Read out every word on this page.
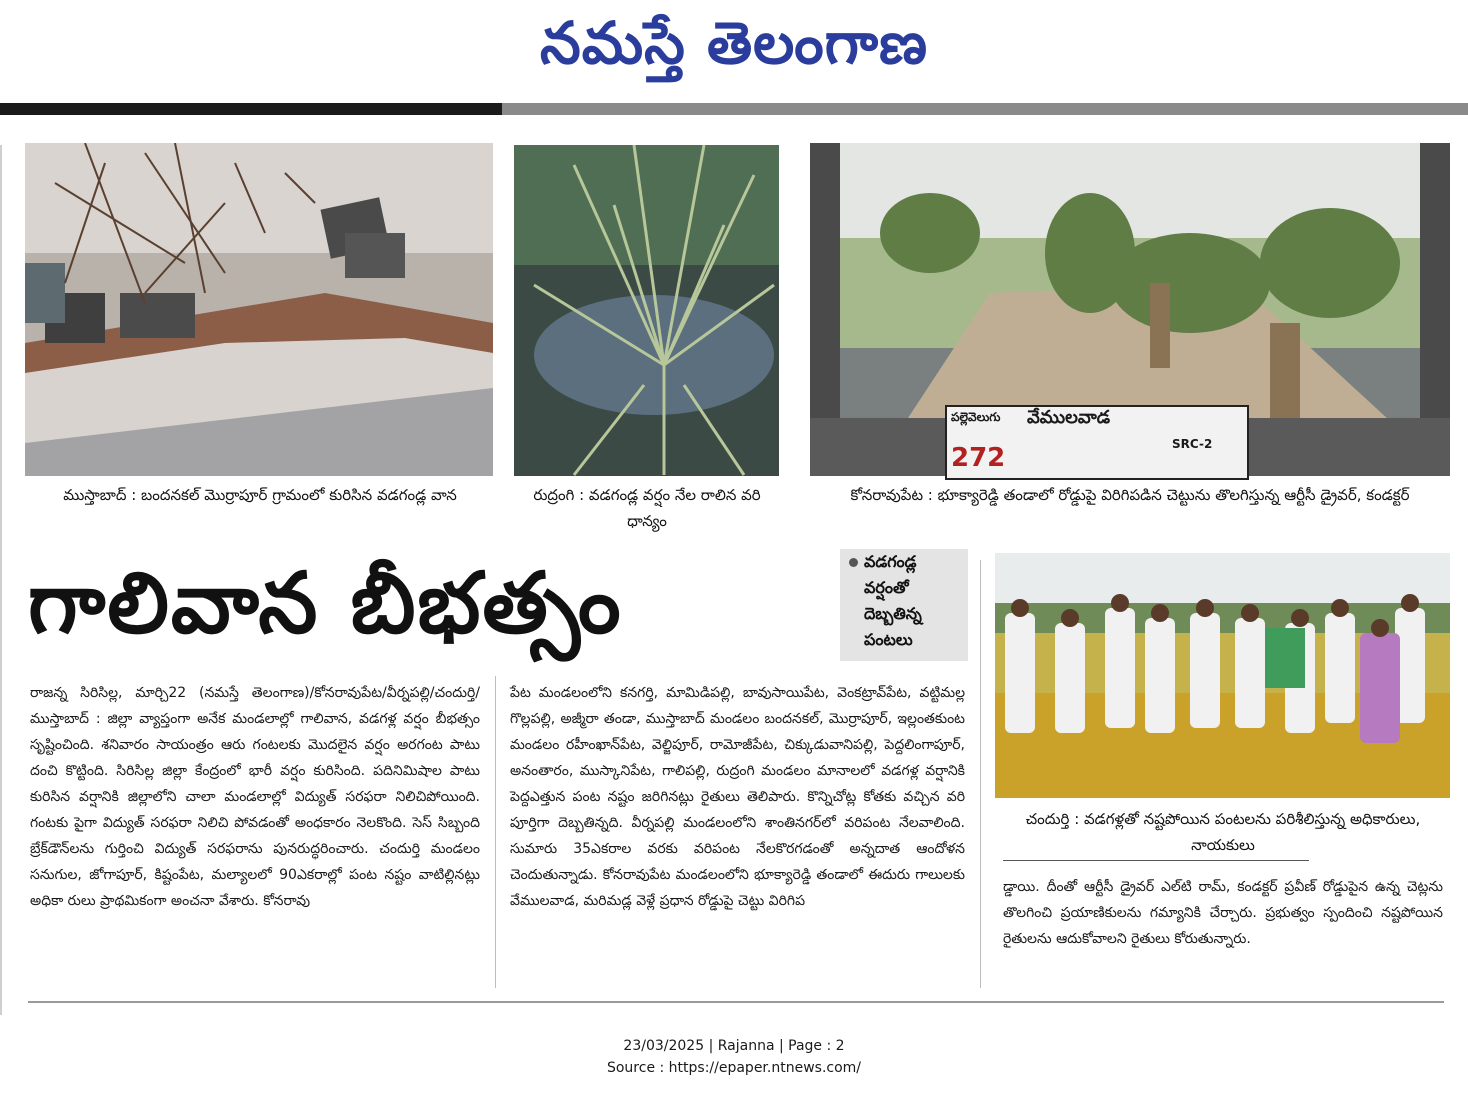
నమస్తే తెలంగాణ
పల్లెవెలుగు వేములవాడ
SRC-2
272
ముస్తాబాద్ : బందనకల్ మొర్రాపూర్ గ్రామంలో కురిసిన వడగండ్ల వాన	రుద్రంగి : వడగండ్ల వర్షం నేల రాలిన వరి ధాన్యం
కోనరావుపేట : భూక్యారెడ్డి తండాలో రోడ్డుపై విరిగిపడిన చెట్టును తొలగిస్తున్న ఆర్టీసీ డ్రైవర్, కండక్టర్
గాలివాన బీభత్సం	వడగండ్ల వర్షంతో దెబ్బతిన్న పంటలు
చందుర్తి : వడగళ్లతో నష్టపోయిన పంటలను పరిశీలిస్తున్న అధికారులు, నాయకులు

రాజన్న సిరిసిల్ల, మార్చి22 (నమస్తే తెలంగాణ)/కోనరావుపేట/వీర్నపల్లి/చందుర్తి/ముస్తాబాద్ : జిల్లా వ్యాప్తంగా అనేక మండలాల్లో గాలివాన, వడగళ్ల వర్షం బీభత్సం సృష్టించింది. శనివారం సాయంత్రం ఆరు గంటలకు మొదలైన వర్షం అరగంట పాటు దంచి కొట్టింది. సిరిసిల్ల జిల్లా కేంద్రంలో భారీ వర్షం కురిసింది. పదినిమిషాల పాటు కురిసిన వర్షానికి జిల్లాలోని చాలా మండలాల్లో విద్యుత్ సరఫరా నిలిచిపోయింది. గంటకు పైగా విద్యుత్ సరఫరా నిలిచి పోవడంతో అంధకారం నెలకొంది. సెస్ సిబ్బంది బ్రేక్‌డౌన్‌లను గుర్తించి విద్యుత్ సరఫరాను పునరుద్ధరించారు. చందుర్తి మండలం సనుగుల, జోగాపూర్, కిష్టంపేట, మల్యాలలో 90ఎకరాల్లో పంట నష్టం వాటిల్లినట్లు అధికా రులు ప్రాథమికంగా అంచనా వేశారు. కోనరావు

పేట మండలంలోని కనగర్తి, మామిడిపల్లి, బావుసాయిపేట, వెంకట్రావ్‌పేట, వట్టిమల్ల గొల్లపల్లి, అజ్మీరా తండా, ముస్తాబాద్ మండలం బందనకల్, మొర్రాపూర్, ఇల్లంతకుంట మండలం రహీంఖాన్‌పేట, వెల్జిపూర్, రామోజీపేట, చిక్కుడువానిపల్లి, పెద్దలింగాపూర్, అనంతారం, ముస్కానిపేట, గాలిపల్లి, రుద్రంగి మండలం మానాలలో వడగళ్ల వర్షానికి పెద్దఎత్తున పంట నష్టం జరిగినట్లు రైతులు తెలిపారు. కొన్నిచోట్ల కోతకు వచ్చిన వరి పూర్తిగా దెబ్బతిన్నది. వీర్నపల్లి మండలంలోని శాంతినగర్‌లో వరిపంట నేలవాలింది. సుమారు 35ఎకరాల వరకు వరిపంట నేలకొరగడంతో అన్నదాత ఆందోళన చెందుతున్నాడు. కోనరావుపేట మండలంలోని భూక్యారెడ్డి తండాలో ఈదురు గాలులకు వేములవాడ, మరిమడ్ల వెళ్లే ప్రధాన రోడ్డుపై చెట్టు విరిగిప

డ్డాయి. దీంతో ఆర్టీసీ డ్రైవర్ ఎల్‌టి రామ్, కండక్టర్ ప్రవీణ్ రోడ్డుపైన ఉన్న చెట్లను తొలగించి ప్రయాణికులను గమ్యానికి చేర్చారు. ప్రభుత్వం స్పందించి నష్టపోయిన రైతులను ఆదుకోవాలని రైతులు కోరుతున్నారు.

23/03/2025 | Rajanna | Page : 2
Source : https://epaper.ntnews.com/
